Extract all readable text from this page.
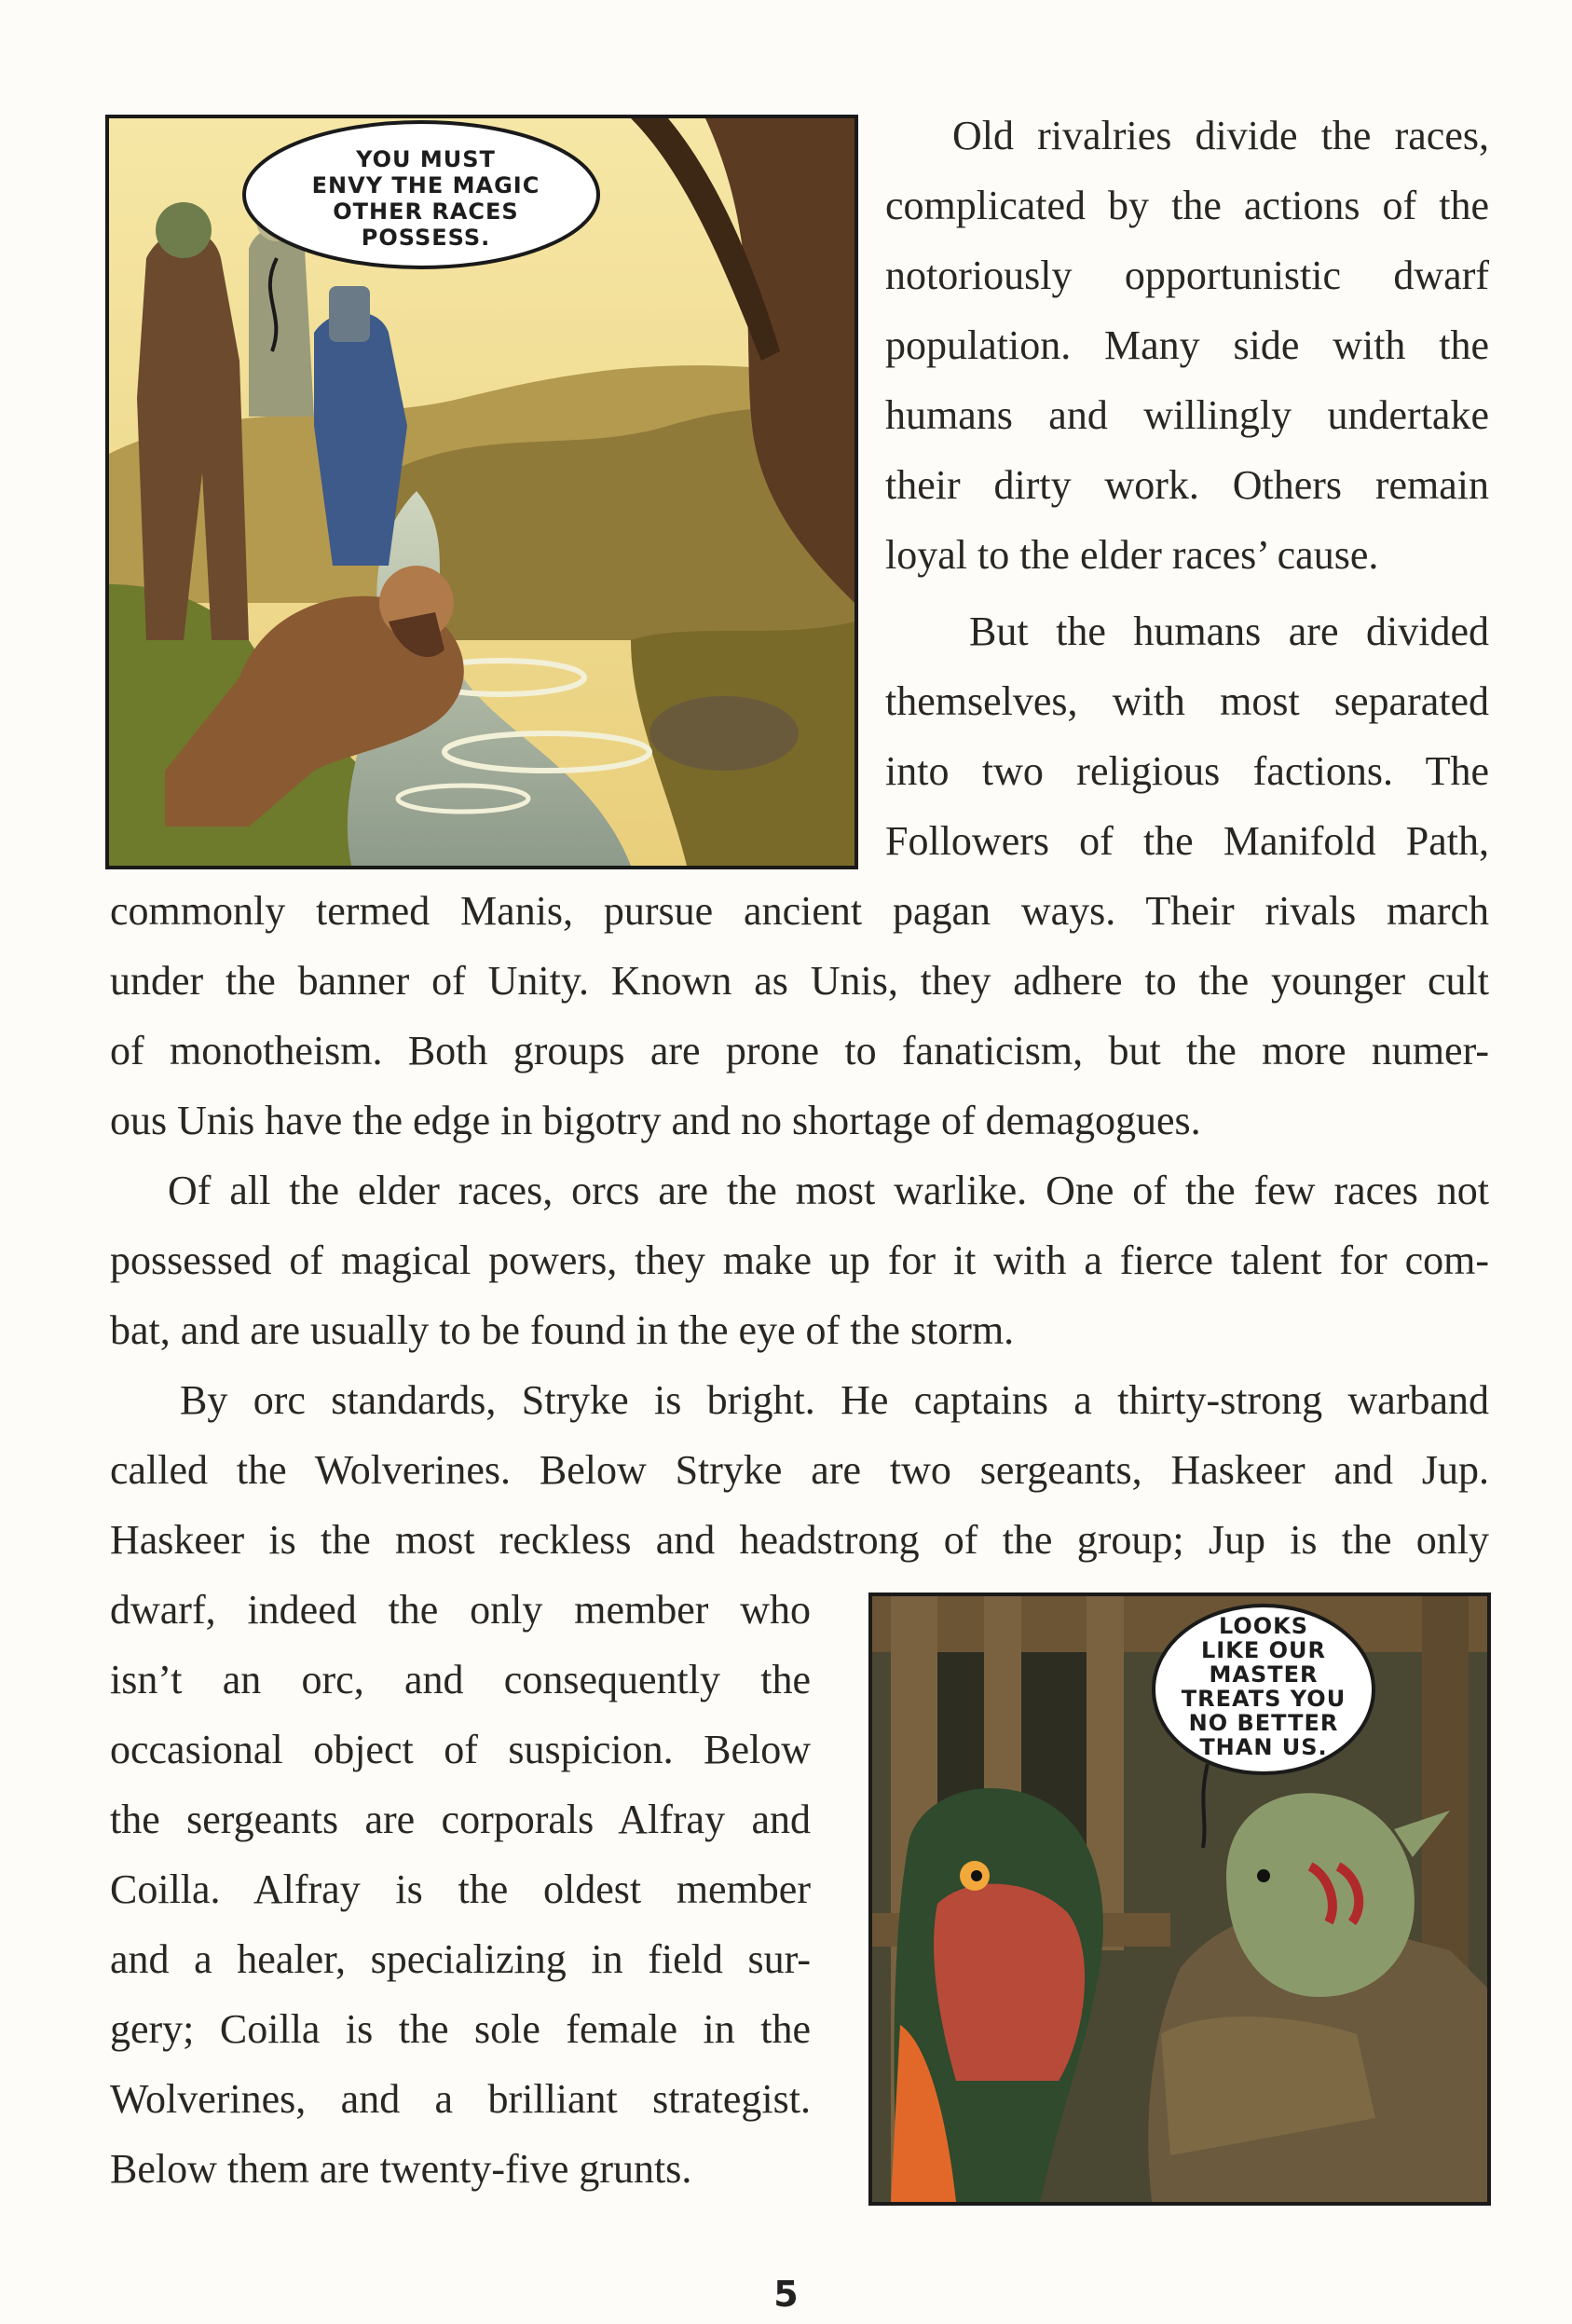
YOU MUST
ENVY THE MAGIC
OTHER RACES
POSSESS.
Old rivalries divide the races,
complicated by the actions of the
notoriously opportunistic dwarf
population. Many side with the
humans and willingly undertake
their dirty work. Others remain
loyal to the elder races’ cause.
But the humans are divided
themselves, with most separated
into two religious factions. The
Followers of the Manifold Path,
commonly termed Manis, pursue ancient pagan ways. Their rivals march
under the banner of Unity. Known as Unis, they adhere to the younger cult
of monotheism. Both groups are prone to fanaticism, but the more numer-
ous Unis have the edge in bigotry and no shortage of demagogues.
Of all the elder races, orcs are the most warlike. One of the few races not
possessed of magical powers, they make up for it with a fierce talent for com-
bat, and are usually to be found in the eye of the storm.
By orc standards, Stryke is bright. He captains a thirty-strong warband
called the Wolverines. Below Stryke are two sergeants, Haskeer and Jup.
Haskeer is the most reckless and headstrong of the group; Jup is the only
dwarf, indeed the only member who
isn’t an orc, and consequently the
occasional object of suspicion. Below
the sergeants are corporals Alfray and
Coilla. Alfray is the oldest member
and a healer, specializing in field sur-
gery; Coilla is the sole female in the
Wolverines, and a brilliant strategist.
Below them are twenty-five grunts.
LOOKS
LIKE OUR
MASTER
TREATS YOU
NO BETTER
THAN US.
5
